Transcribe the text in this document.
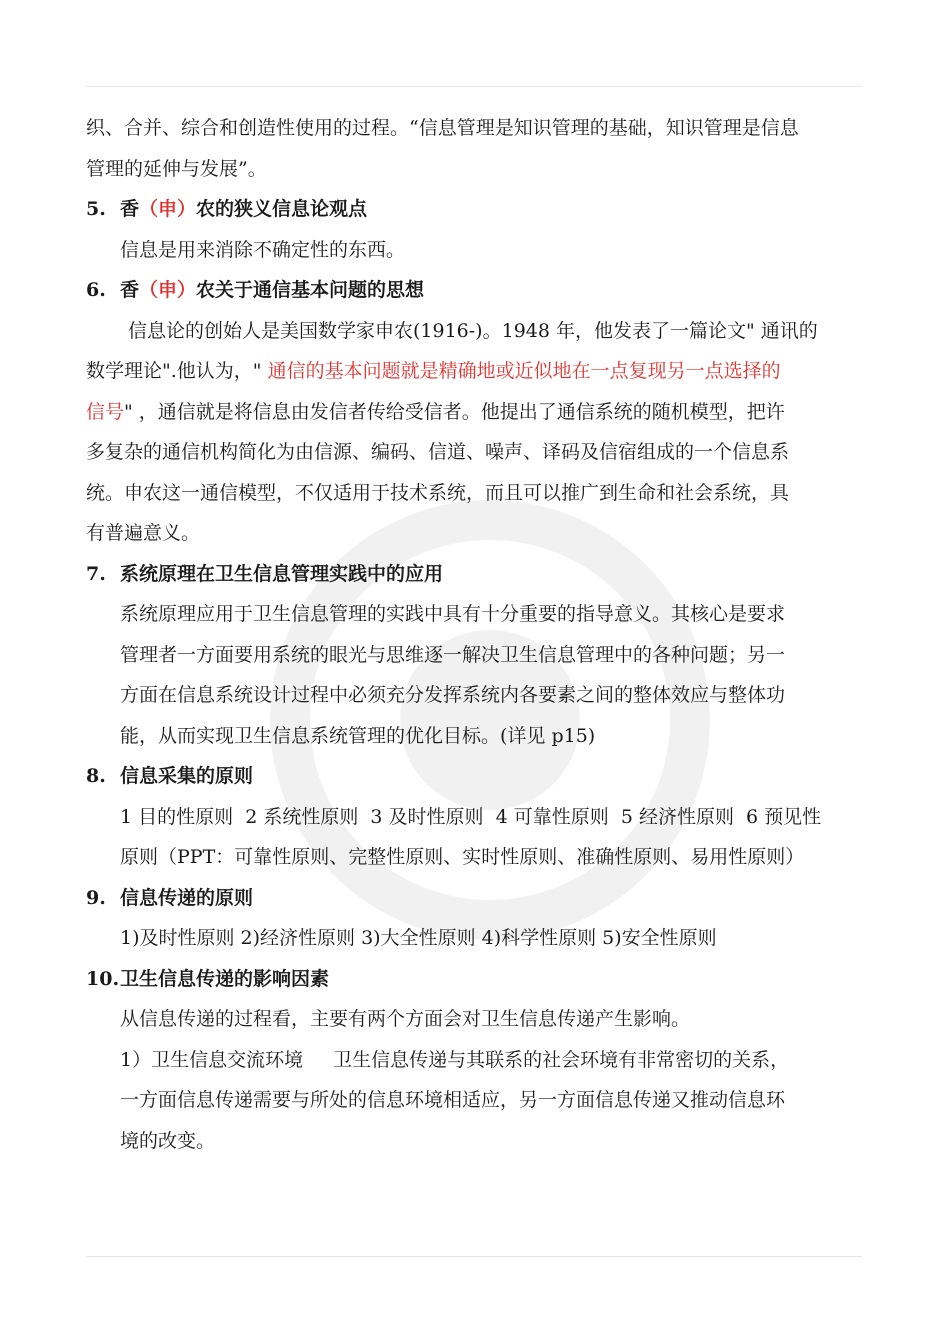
织、合并、综合和创造性使用的过程。“信息管理是知识管理的基础，知识管理是信息
管理的延伸与发展”。
5. 香（申）农的狭义信息论观点
信息是用来消除不确定性的东西。
6. 香（申）农关于通信基本问题的思想
信息论的创始人是美国数学家申农(1916-)。1948 年，他发表了一篇论文" 通讯的
数学理论".他认为，" 通信的基本问题就是精确地或近似地在一点复现另一点选择的
信号" ，通信就是将信息由发信者传给受信者。他提出了通信系统的随机模型，把许
多复杂的通信机构简化为由信源、编码、信道、噪声、译码及信宿组成的一个信息系
统。申农这一通信模型，不仅适用于技术系统，而且可以推广到生命和社会系统，具
有普遍意义。
7. 系统原理在卫生信息管理实践中的应用
系统原理应用于卫生信息管理的实践中具有十分重要的指导意义。其核心是要求
管理者一方面要用系统的眼光与思维逐一解决卫生信息管理中的各种问题；另一
方面在信息系统设计过程中必须充分发挥系统内各要素之间的整体效应与整体功
能，从而实现卫生信息系统管理的优化目标。(详见 p15)
8. 信息采集的原则
1 目的性原则  2 系统性原则  3 及时性原则  4 可靠性原则  5 经济性原则  6 预见性
原则（PPT：可靠性原则、完整性原则、实时性原则、准确性原则、易用性原则）
9. 信息传递的原则
1)及时性原则 2)经济性原则 3)大全性原则 4)科学性原则 5)安全性原则
10.卫生信息传递的影响因素
从信息传递的过程看，主要有两个方面会对卫生信息传递产生影响。
1）卫生信息交流环境 卫生信息传递与其联系的社会环境有非常密切的关系，
一方面信息传递需要与所处的信息环境相适应，另一方面信息传递又推动信息环
境的改变。
